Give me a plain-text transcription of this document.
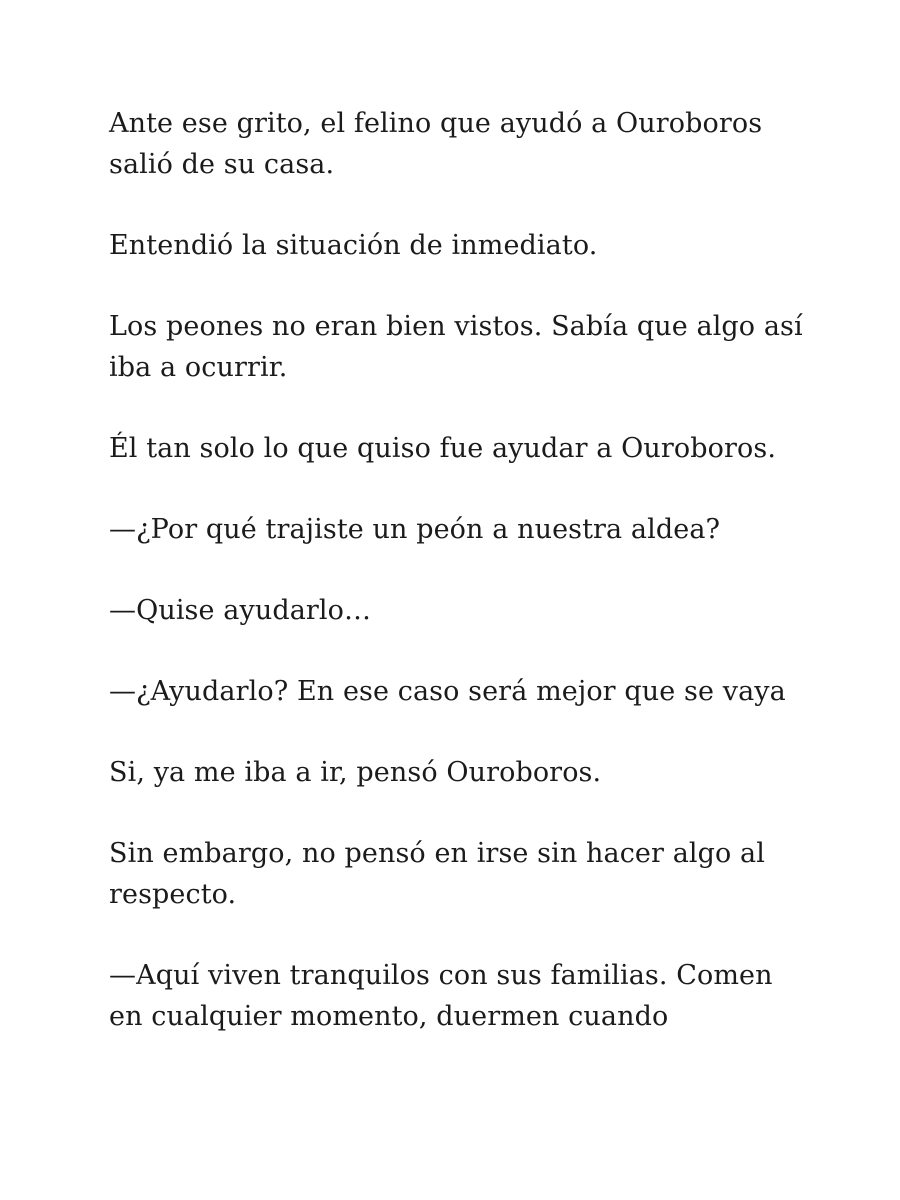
Ante ese grito, el felino que ayudó a Ouroboros salió de su casa.

Entendió la situación de inmediato.

Los peones no eran bien vistos. Sabía que algo así iba a ocurrir.

Él tan solo lo que quiso fue ayudar a Ouroboros.

—¿Por qué trajiste un peón a nuestra aldea?

—Quise ayudarlo…

—¿Ayudarlo? En ese caso será mejor que se vaya

Si, ya me iba a ir, pensó Ouroboros.

Sin embargo, no pensó en irse sin hacer algo al respecto.

—Aquí viven tranquilos con sus familias. Comen en cualquier momento, duermen cuando
